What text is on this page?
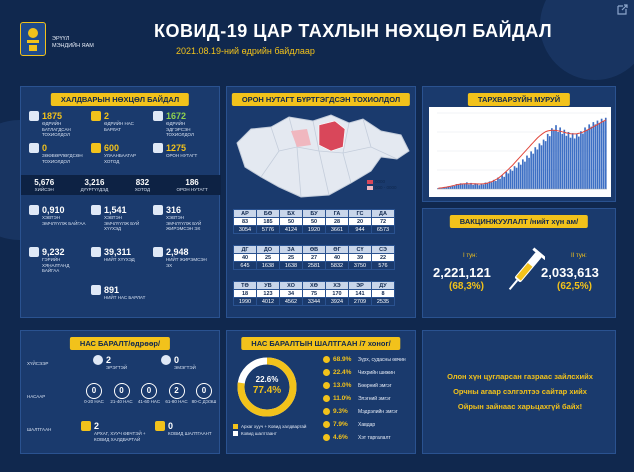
ЭРҮҮЛ
МЭНДИЙН ЯАМ
КОВИД-19 ЦАР ТАХЛЫН НӨХЦӨЛ БАЙДАЛ
2021.08.19-ний өдрийн байдлаар
ХАЛДВАРЫН НӨХЦӨЛ БАЙДАЛ
1875
ӨДРИЙН БАТЛАГДСАН ТОХИОЛДОЛ
2
ӨДРИЙН НАС БАРЛАТ
1672
ӨДРИЙН ЭДГЭРСЭН ТОХИОЛДОЛ
0
ЗӨӨВӨРЛӨГДСӨН ТОХИОЛДОЛ
600
УЛААНБААТАР ХОТОД
1275
ОРОН НУТАГТ
5,676
ХИЙСЭН
3,216
ДҮҮРГҮҮДЭД
832
ХОТОД
186
ОРОН НУТАГТ
0,910
ХЭВТЭН ЭМЧЛҮҮЛЖ БАЙГАА
1,541
ХЭВТЭН ЭМЧЛҮҮЛЖ БУЙ ХҮҮХЭД
316
ХЭВТЭН ЭМЧЛҮҮЛЖ БУЙ ЖИРЭМСЭН ЭХ
9,232
ГЭРИЙН ХЯНАЛТАНД БАЙГАА
39,311
НИЙТ ХҮҮХЭД
2,948
НИЙТ ЖИРЭМСЭН ЭХ
891
НИЙТ НАС БАРЛАТ
ОРОН НУТАГТ БҮРТГЭГДСЭН ТОХИОЛДОЛ
0000
000 - 0000
АР	БӨ	БХ	БУ	ГА	ГС	ДА
83	185	50	50	28	20	72
3054	5776	4124	1920	3661	944	6573
ДГ	ДО	ЗА	ӨВ	ӨГ	СҮ	СЭ
40	25	25	27	40	39	22
645	1638	1638	2581	5832	3750	576
ТӨ	УВ	ХО	ХӨ	ХЭ	ЭР	ДУ
18	123	34	75	170	141	8
1990	4012	4562	3344	3924	2709	2535
ТАРХВАРЗҮЙН МУРУЙ
ВАКЦИНЖУУЛАЛТ /нийт хүн ам/
I тун:
2,221,121
(68,3%)
II тун:
2,033,613
(62,5%)
НАС БАРАЛТ/өдрөөр/
ХҮЙСЭЭР
НАСААР
ШАЛТГААН
2
ЭРЭГТЭЙ
0
ЭМЭГТЭЙ
0
0-20 НАС
0
21-40 НАС
0
41-60 НАС
2
61-80 НАС
0
80-С ДЭЭШ
2
АРХАГ, ХУУЧ ӨВЧТЭЙ + КОВИД ХАЛДВАРТАЙ
0
КОВИД ШАЛТГААНТ
НАС БАРАЛТЫН ШАЛТГААН /7 хоног/
22.6%
77.4%
Архаг хууч + Ковид халдвартай
Ковид шалтгаант
68.9%	Зүрх, судасны өвчин
22.4%	Чихрийн шижин
13.0%	Бөөрний эмгэг
11.0%	Элэгний эмгэг
9.3%	Мэдрэлийн эмгэг
7.9%	Хавдар
4.6%	Хэт таргалалт
Олон хүн цугларсан газраас зайлсхийх
Орчны агаар сэлгэлтээ сайтар хийх
Ойрын зайнаас харьцахгүй байх!
